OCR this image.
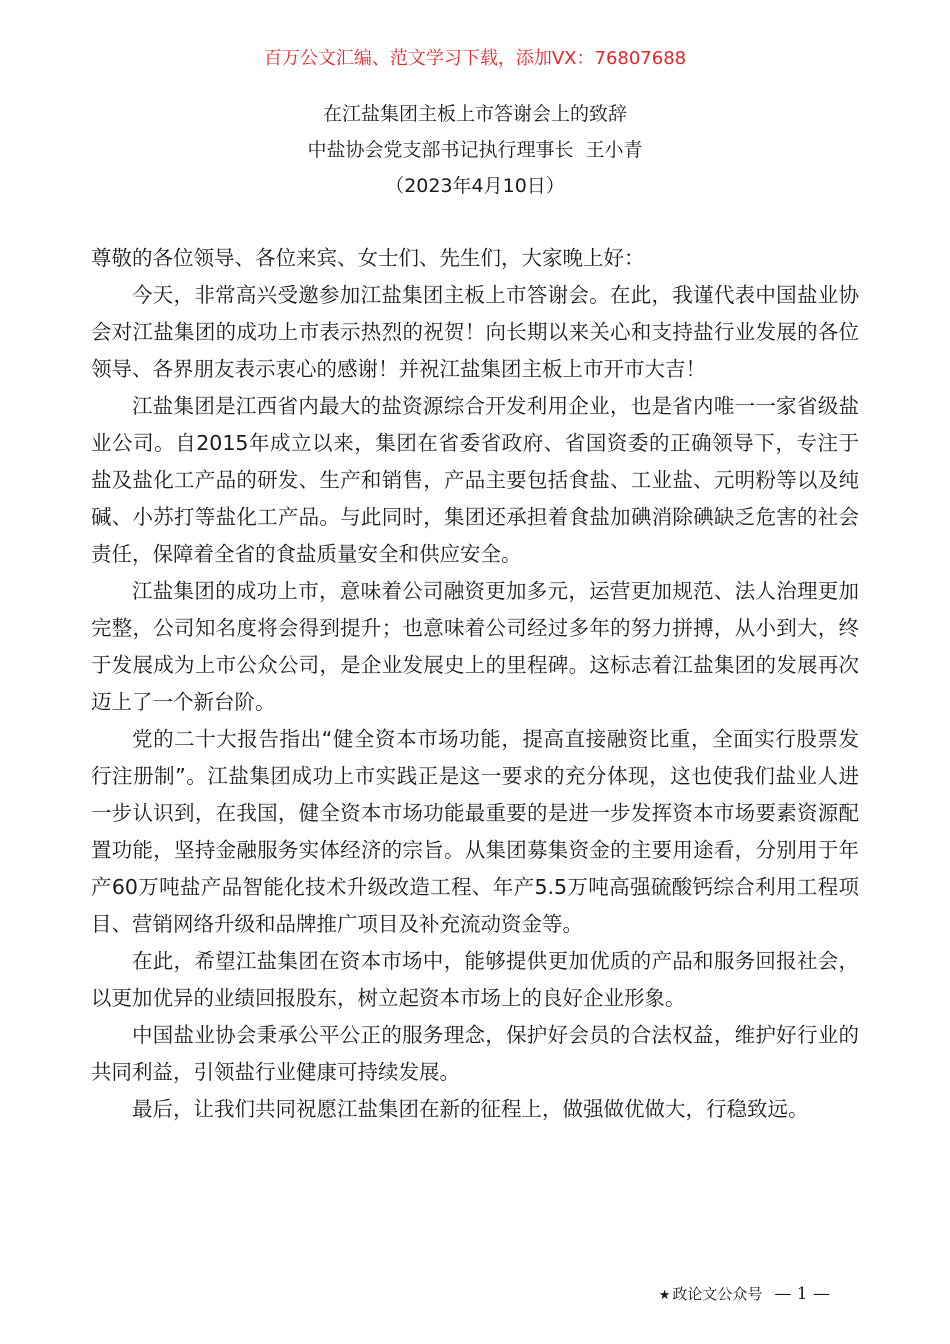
百万公文汇编、范文学习下载，添加VX：76807688
在江盐集团主板上市答谢会上的致辞
中盐协会党支部书记执行理事长  王小青
（2023年4月10日）

尊敬的各位领导、各位来宾、女士们、先生们，大家晚上好：

今天，非常高兴受邀参加江盐集团主板上市答谢会。在此，我谨代表中国盐业协会对江盐集团的成功上市表示热烈的祝贺！向长期以来关心和支持盐行业发展的各位领导、各界朋友表示衷心的感谢！并祝江盐集团主板上市开市大吉！

江盐集团是江西省内最大的盐资源综合开发利用企业，也是省内唯一一家省级盐业公司。自2015年成立以来，集团在省委省政府、省国资委的正确领导下，专注于盐及盐化工产品的研发、生产和销售，产品主要包括食盐、工业盐、元明粉等以及纯碱、小苏打等盐化工产品。与此同时，集团还承担着食盐加碘消除碘缺乏危害的社会责任，保障着全省的食盐质量安全和供应安全。

江盐集团的成功上市，意味着公司融资更加多元，运营更加规范、法人治理更加完整，公司知名度将会得到提升；也意味着公司经过多年的努力拼搏，从小到大，终于发展成为上市公众公司，是企业发展史上的里程碑。这标志着江盐集团的发展再次迈上了一个新台阶。

党的二十大报告指出“健全资本市场功能，提高直接融资比重，全面实行股票发行注册制”。江盐集团成功上市实践正是这一要求的充分体现，这也使我们盐业人进一步认识到，在我国，健全资本市场功能最重要的是进一步发挥资本市场要素资源配置功能，坚持金融服务实体经济的宗旨。从集团募集资金的主要用途看，分别用于年产60万吨盐产品智能化技术升级改造工程、年产5.5万吨高强硫酸钙综合利用工程项目、营销网络升级和品牌推广项目及补充流动资金等。

在此，希望江盐集团在资本市场中，能够提供更加优质的产品和服务回报社会，以更加优异的业绩回报股东，树立起资本市场上的良好企业形象。

中国盐业协会秉承公平公正的服务理念，保护好会员的合法权益，维护好行业的共同利益，引领盐行业健康可持续发展。

最后，让我们共同祝愿江盐集团在新的征程上，做强做优做大，行稳致远。

★ 政论文公众号 — 1 —
